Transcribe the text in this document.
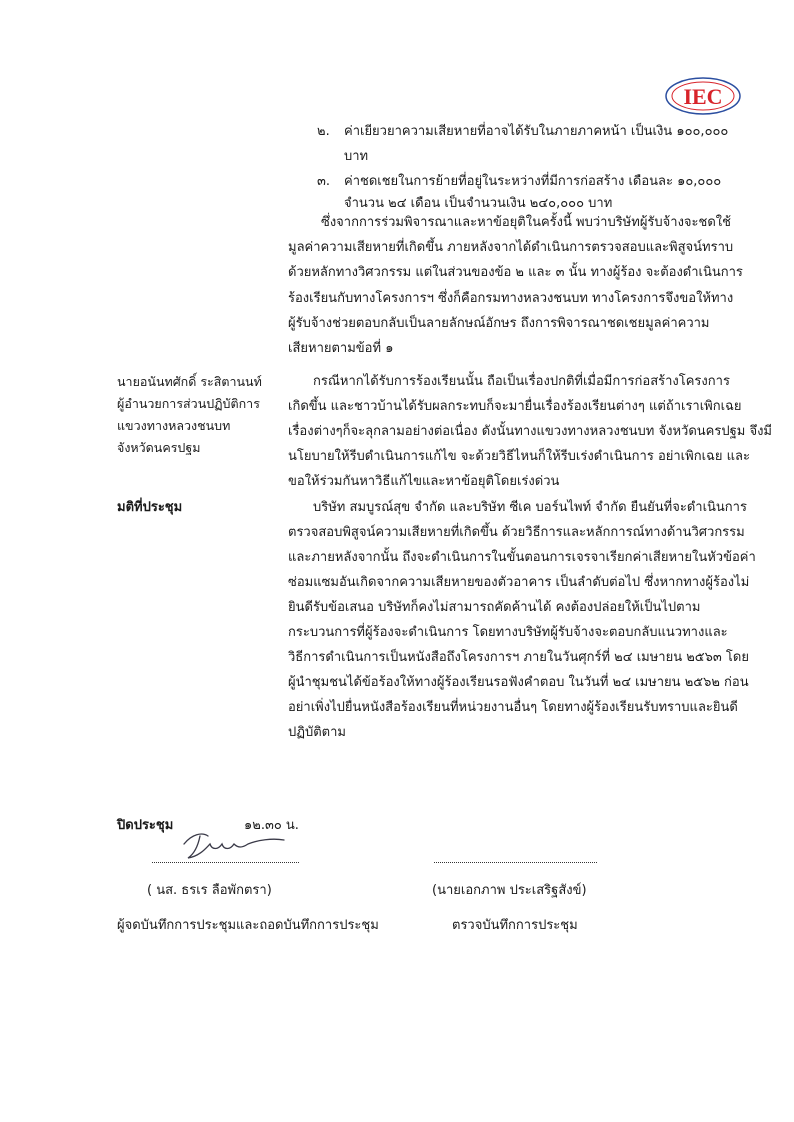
IEC
๒. ค่าเยียวยาความเสียหายที่อาจได้รับในภายภาคหน้า เป็นเงิน ๑๐๐,๐๐๐
บาท
๓. ค่าชดเชยในการย้ายที่อยู่ในระหว่างที่มีการก่อสร้าง เดือนละ ๑๐,๐๐๐
จำนวน ๒๔ เดือน เป็นจำนวนเงิน ๒๔๐,๐๐๐ บาท
ซึ่งจากการร่วมพิจารณาและหาข้อยุติในครั้งนี้ พบว่าบริษัทผู้รับจ้างจะชดใช้
มูลค่าความเสียหายที่เกิดขึ้น ภายหลังจากได้ดำเนินการตรวจสอบและพิสูจน์ทราบ
ด้วยหลักทางวิศวกรรม แต่ในส่วนของข้อ ๒ และ ๓ นั้น ทางผู้ร้อง จะต้องดำเนินการ
ร้องเรียนกับทางโครงการฯ ซึ่งก็คือกรมทางหลวงชนบท ทางโครงการจึงขอให้ทาง
ผู้รับจ้างช่วยตอบกลับเป็นลายลักษณ์อักษร ถึงการพิจารณาชดเชยมูลค่าความ
เสียหายตามข้อที่ ๑
นายอนันทศักดิ์ ระสิตานนท์
ผู้อำนวยการส่วนปฏิบัติการ
แขวงทางหลวงชนบท
จังหวัดนครปฐม
กรณีหากได้รับการร้องเรียนนั้น ถือเป็นเรื่องปกติที่เมื่อมีการก่อสร้างโครงการ
เกิดขึ้น และชาวบ้านได้รับผลกระทบก็จะมายื่นเรื่องร้องเรียนต่างๆ แต่ถ้าเราเพิกเฉย
เรื่องต่างๆก็จะลุกลามอย่างต่อเนื่อง ดังนั้นทางแขวงทางหลวงชนบท จังหวัดนครปฐม จึงมี
นโยบายให้รีบดำเนินการแก้ไข จะด้วยวิธีไหนก็ให้รีบเร่งดำเนินการ อย่าเพิกเฉย และ
ขอให้ร่วมกันหาวิธีแก้ไขและหาข้อยุติโดยเร่งด่วน
มติที่ประชุม	บริษัท สมบูรณ์สุข จำกัด และบริษัท ซีเค บอร์นไพท์ จำกัด ยืนยันที่จะดำเนินการ
ตรวจสอบพิสูจน์ความเสียหายที่เกิดขึ้น ด้วยวิธีการและหลักการณ์ทางด้านวิศวกรรม
และภายหลังจากนั้น ถึงจะดำเนินการในขั้นตอนการเจรจาเรียกค่าเสียหายในหัวข้อค่า
ซ่อมแซมอันเกิดจากความเสียหายของตัวอาคาร เป็นลำดับต่อไป ซึ่งหากทางผู้ร้องไม่
ยินดีรับข้อเสนอ บริษัทก็คงไม่สามารถคัดค้านได้ คงต้องปล่อยให้เป็นไปตาม
กระบวนการที่ผู้ร้องจะดำเนินการ โดยทางบริษัทผู้รับจ้างจะตอบกลับแนวทางและ
วิธีการดำเนินการเป็นหนังสือถึงโครงการฯ ภายในวันศุกร์ที่ ๒๔ เมษายน ๒๕๖๓ โดย
ผู้นำชุมชนได้ข้อร้องให้ทางผู้ร้องเรียนรอฟังคำตอบ ในวันที่ ๒๔ เมษายน ๒๕๖๒ ก่อน
อย่าเพิ่งไปยื่นหนังสือร้องเรียนที่หน่วยงานอื่นๆ โดยทางผู้ร้องเรียนรับทราบและยินดี
ปฏิบัติตาม
ปิดประชุม	๑๒.๓๐ น.
( นส. ธรเร ลือพักตรา)	(นายเอกภาพ ประเสริฐสังข์)
ผู้จดบันทึกการประชุมและถอดบันทึกการประชุม	ตรวจบันทึกการประชุม
